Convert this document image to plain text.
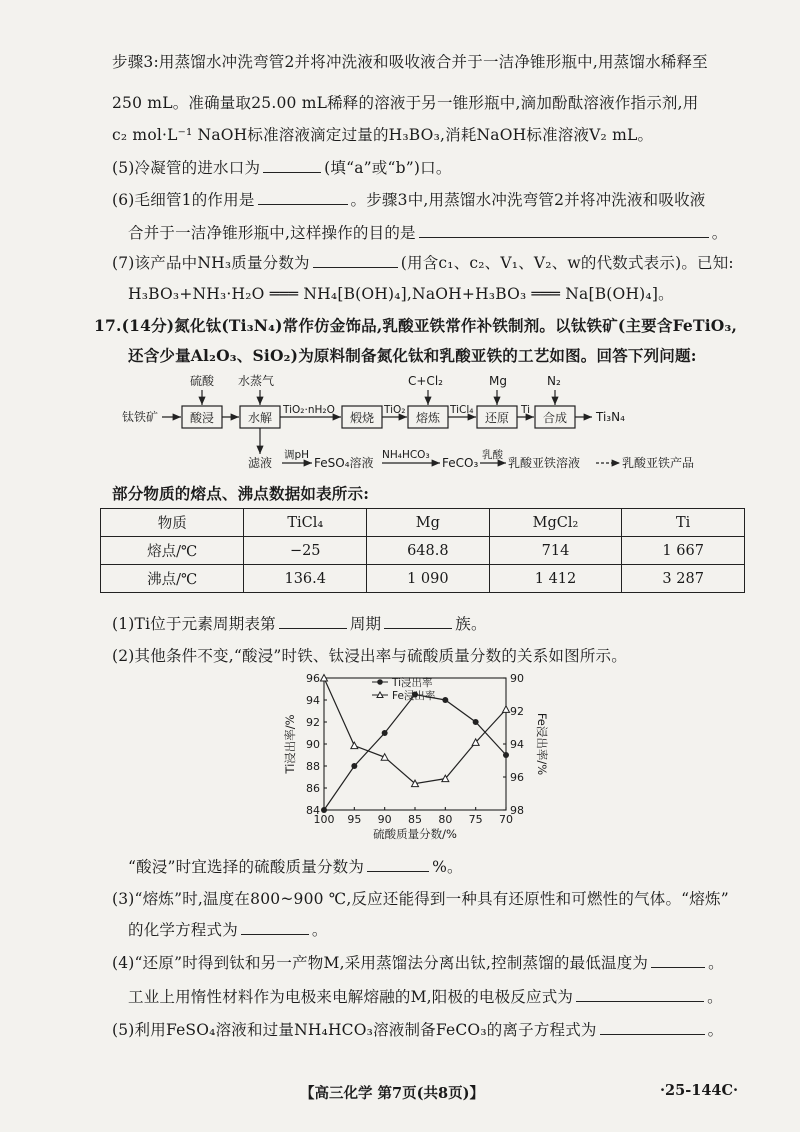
步骤3:用蒸馏水冲洗弯管2并将冲洗液和吸收液合并于一洁净锥形瓶中,用蒸馏水稀释至
250 mL。准确量取25.00 mL稀释的溶液于另一锥形瓶中,滴加酚酞溶液作指示剂,用
c₂ mol·L⁻¹ NaOH标准溶液滴定过量的H₃BO₃,消耗NaOH标准溶液V₂ mL。
(5)冷凝管的进水口为	(填“a”或“b”)口。
(6)毛细管1的作用是	。步骤3中,用蒸馏水冲洗弯管2并将冲洗液和吸收液
合并于一洁净锥形瓶中,这样操作的目的是	。
(7)该产品中NH₃质量分数为	(用含c₁、c₂、V₁、V₂、w的代数式表示)。已知:
H₃BO₃+NH₃·H₂O ═══ NH₄[B(OH)₄],NaOH+H₃BO₃ ═══ Na[B(OH)₄]。
17.(14分)氮化钛(Ti₃N₄)常作仿金饰品,乳酸亚铁常作补铁制剂。以钛铁矿(主要含FeTiO₃,
还含少量Al₂O₃、SiO₂)为原料制备氮化钛和乳酸亚铁的工艺如图。回答下列问题:
钛铁矿	酸浸	水解	煅烧	熔炼	还原	合成
硫酸 水蒸气	C+Cl₂	Mg	N₂
TiO₂·nH₂O	TiO₂	TiCl₄	Ti	Ti₃N₄
滤液
调pH
FeSO₄溶液
NH₄HCO₃
FeCO₃
乳酸
乳酸亚铁溶液	乳酸亚铁产品
部分物质的熔点、沸点数据如表所示:
物质	TiCl₄	Mg	MgCl₂	Ti
熔点/℃	−25	648.8	714	1 667
沸点/℃	136.4	1 090	1 412	3 287
(1)Ti位于元素周期表第	周期	族。
(2)其他条件不变,“酸浸”时铁、钛浸出率与硫酸质量分数的关系如图所示。
100 95 90 85 80 75 70
84
86
88
90
92
94
96	90
92
94
96
98
Ti浸出率
Fe浸出率
Ti浸出率/%	Fe浸出率/%
硫酸质量分数/%
“酸浸”时宜选择的硫酸质量分数为	%。
(3)“熔炼”时,温度在800~900 ℃,反应还能得到一种具有还原性和可燃性的气体。“熔炼”
的化学方程式为	。
(4)“还原”时得到钛和另一产物M,采用蒸馏法分离出钛,控制蒸馏的最低温度为	。
工业上用惰性材料作为电极来电解熔融的M,阳极的电极反应式为	。
(5)利用FeSO₄溶液和过量NH₄HCO₃溶液制备FeCO₃的离子方程式为	。
【高三化学 第7页(共8页)】	·25-144C·
